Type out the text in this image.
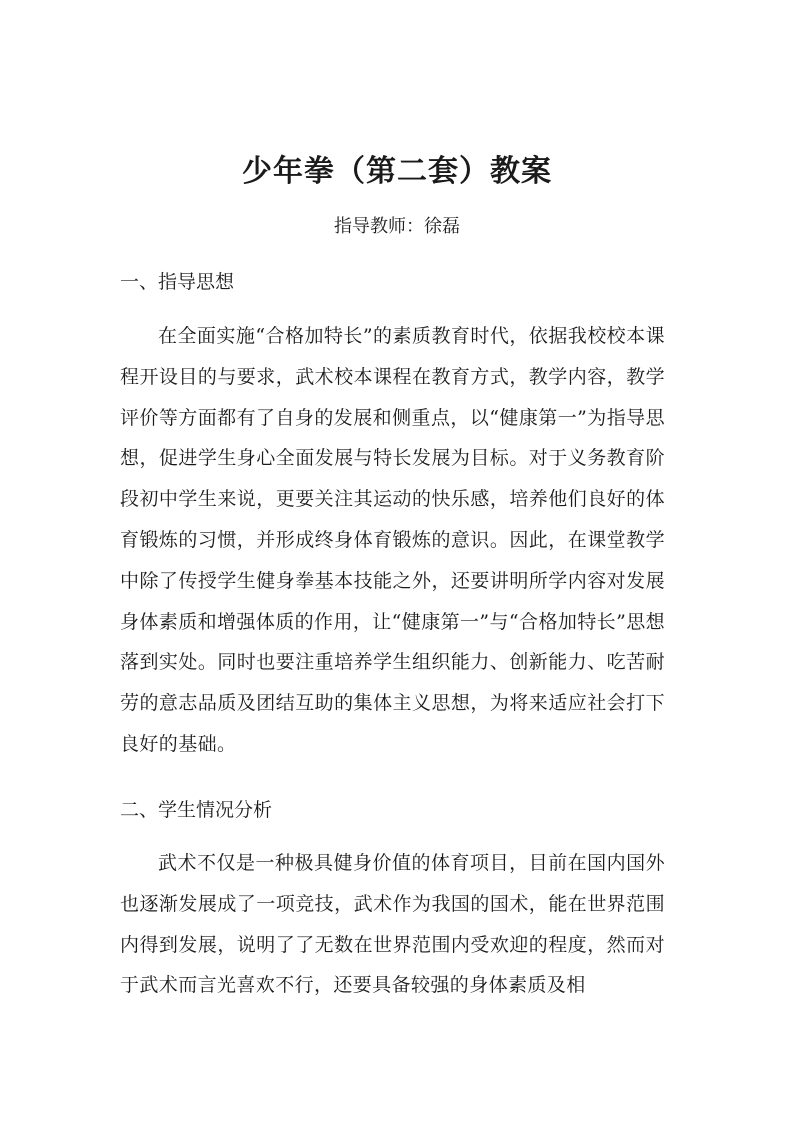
少年拳（第二套）教案
指导教师：徐磊
一、指导思想

在全面实施“合格加特长”的素质教育时代，依据我校校本课程开设目的与要求，武术校本课程在教育方式，教学内容，教学评价等方面都有了自身的发展和侧重点，以“健康第一”为指导思想，促进学生身心全面发展与特长发展为目标。对于义务教育阶段初中学生来说，更要关注其运动的快乐感，培养他们良好的体育锻炼的习惯，并形成终身体育锻炼的意识。因此，在课堂教学中除了传授学生健身拳基本技能之外，还要讲明所学内容对发展身体素质和增强体质的作用，让“健康第一”与“合格加特长”思想落到实处。同时也要注重培养学生组织能力、创新能力、吃苦耐劳的意志品质及团结互助的集体主义思想，为将来适应社会打下良好的基础。

二、学生情况分析

武术不仅是一种极具健身价值的体育项目，目前在国内国外也逐渐发展成了一项竞技，武术作为我国的国术，能在世界范围内得到发展，说明了了无数在世界范围内受欢迎的程度，然而对于武术而言光喜欢不行，还要具备较强的身体素质及相
